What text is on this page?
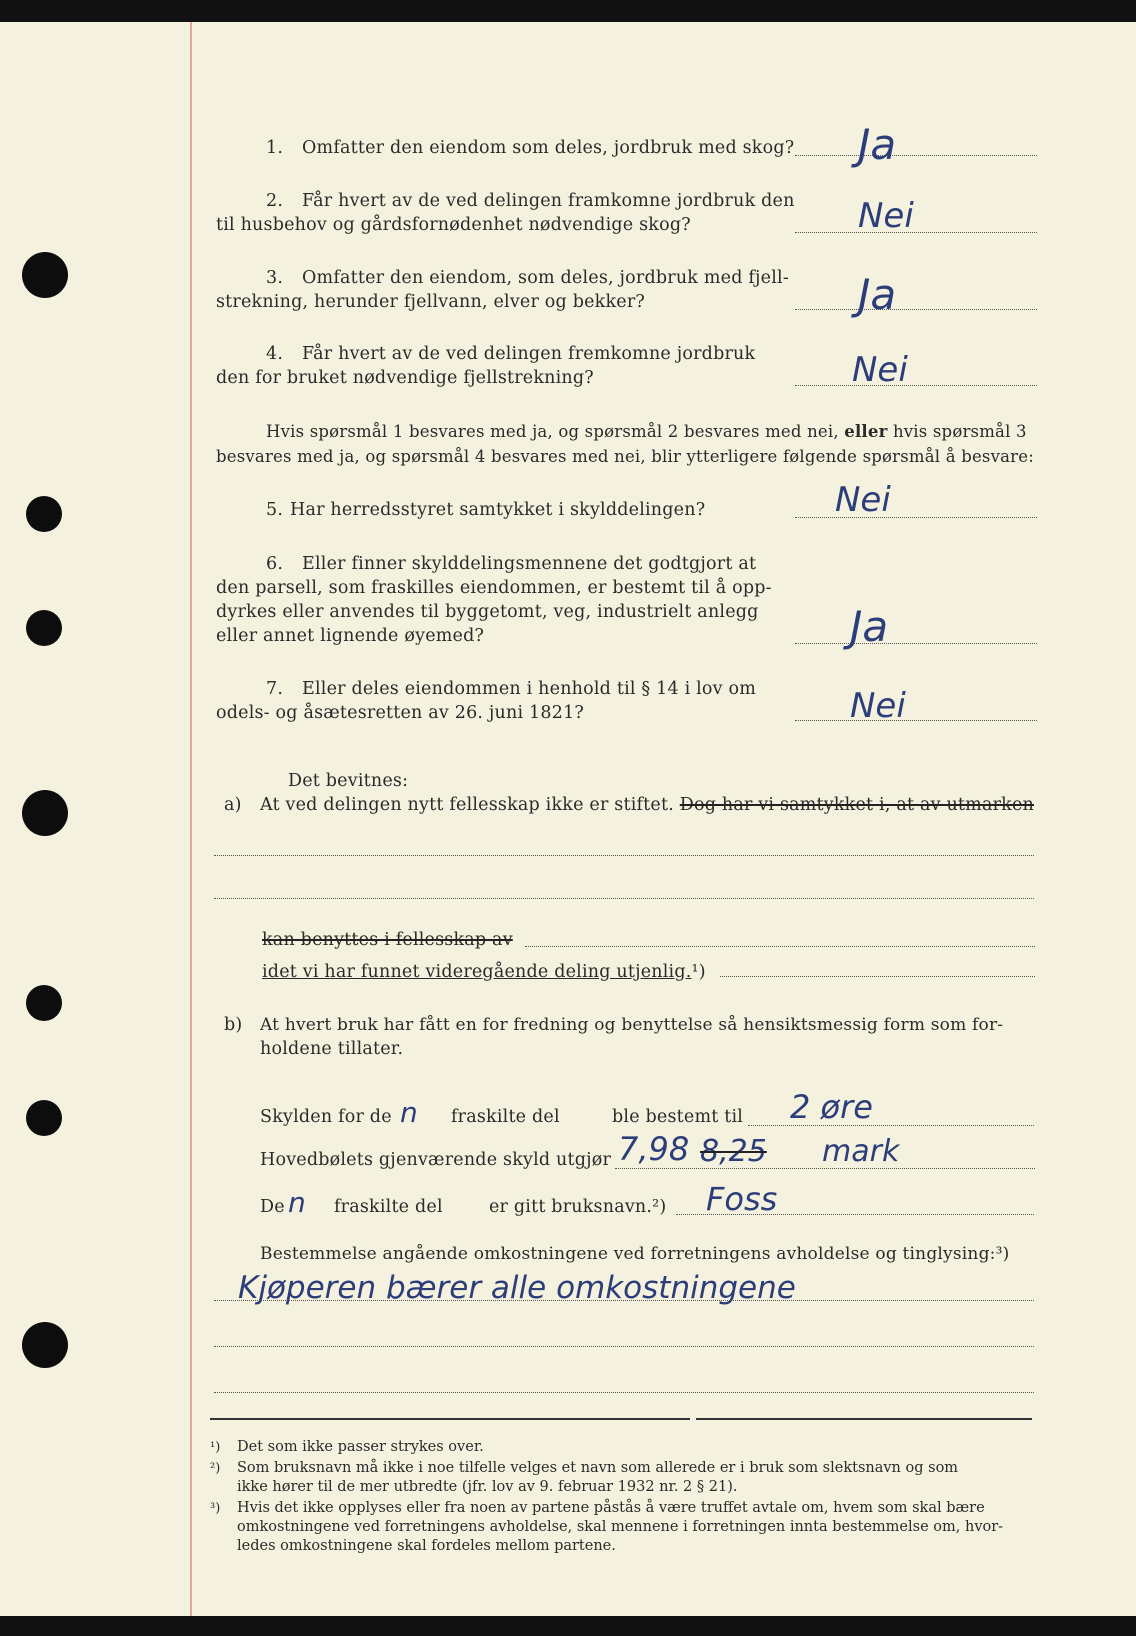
1. Omfatter den eiendom som deles, jordbruk med skog? Ja
2. Får hvert av de ved delingen framkomne jordbruk den
til husbehov og gårdsfornødenhet nødvendige skog?	Nei
3. Omfatter den eiendom, som deles, jordbruk med fjell-
strekning, herunder fjellvann, elver og bekker?	Ja
4. Får hvert av de ved delingen fremkomne jordbruk
den for bruket nødvendige fjellstrekning?	Nei
Hvis spørsmål 1 besvares med ja, og spørsmål 2 besvares med nei, eller hvis spørsmål 3
besvares med ja, og spørsmål 4 besvares med nei, blir ytterligere følgende spørsmål å besvare:
5. Har herredsstyret samtykket i skylddelingen?	Nei
6. Eller finner skylddelingsmennene det godtgjort at
den parsell, som fraskilles eiendommen, er bestemt til å opp-
dyrkes eller anvendes til byggetomt, veg, industrielt anlegg
eller annet lignende øyemed?	Ja
7. Eller deles eiendommen i henhold til § 14 i lov om
odels- og åsætesretten av 26. juni 1821?	Nei
Det bevitnes:
a) At ved delingen nytt fellesskap ikke er stiftet. Dog har vi samtykket i, at av utmarken
kan benyttes i fellesskap av
idet vi har funnet videregående deling utjenlig.¹)
b) At hvert bruk har fått en for fredning og benyttelse så hensiktsmessig form som for-
holdene tillater.
Skylden for de n fraskilte del	ble bestemt til 2 øre
Hovedbølets gjenværende skyld utgjør 7,98 8,25 mark
De n fraskilte del	er gitt bruksnavn.²) Foss
Bestemmelse angående omkostningene ved forretningens avholdelse og tinglysing:³)
Kjøperen bærer alle omkostningene
¹) Det som ikke passer strykes over.
²) Som bruksnavn må ikke i noe tilfelle velges et navn som allerede er i bruk som slektsnavn og som
ikke hører til de mer utbredte (jfr. lov av 9. februar 1932 nr. 2 § 21).
³) Hvis det ikke opplyses eller fra noen av partene påstås å være truffet avtale om, hvem som skal bære
omkostningene ved forretningens avholdelse, skal mennene i forretningen innta bestemmelse om, hvor-
ledes omkostningene skal fordeles mellom partene.
